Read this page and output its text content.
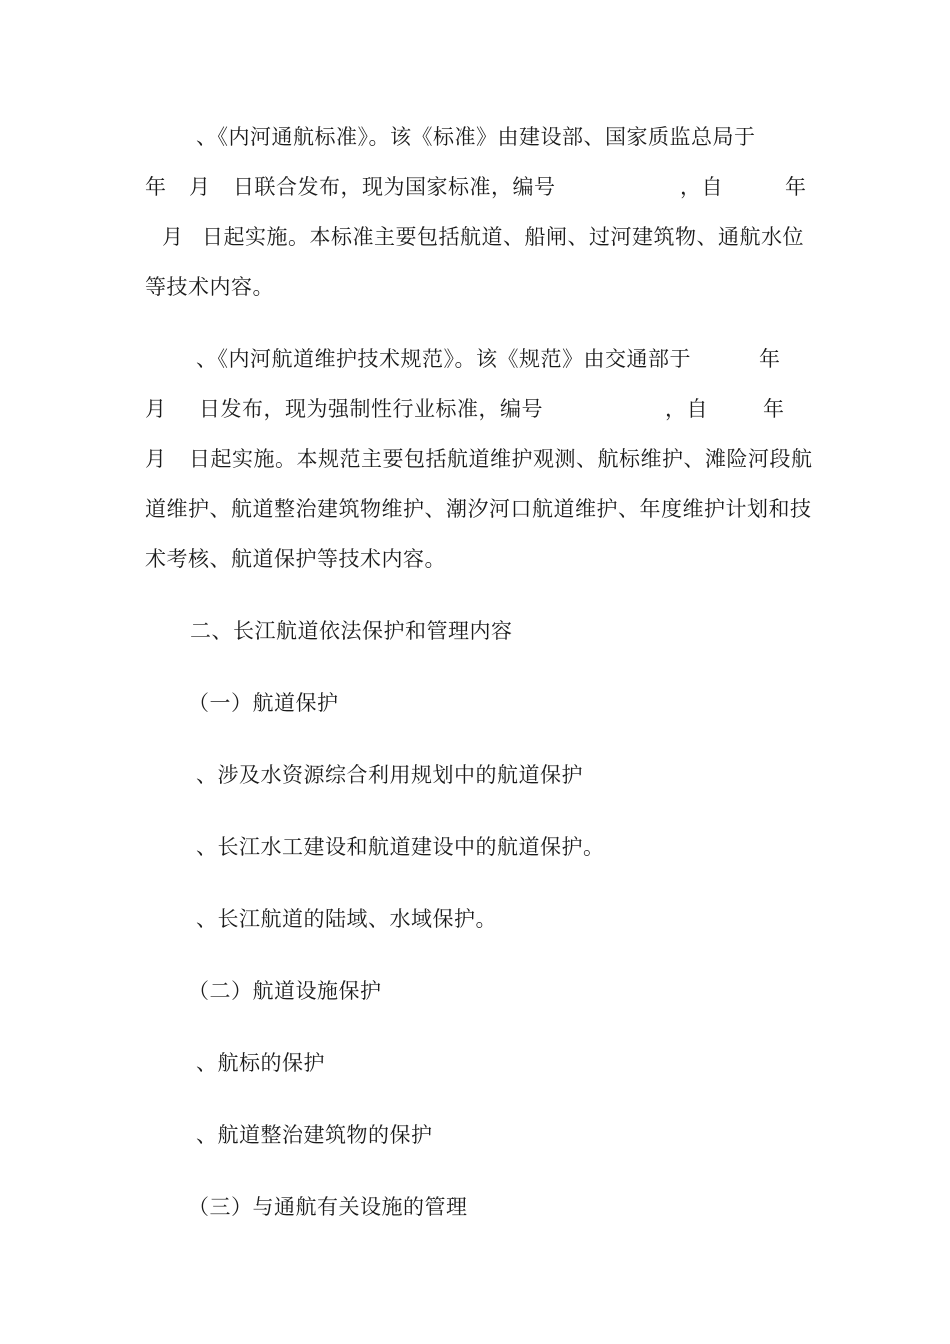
、《内河通航标准》。该《标准》由建设部、国家质监总局于

年

月

日联合发布，现为国家标准，编号

	，自

	年

月

日起实施。本标准主要包括航道、船闸、过河建筑物、通航水位

等技术内容。

、《内河航道维护技术规范》。该《规范》由交通部于

	年

月

日发布，现为强制性行业标准，编号

	，自

	年

月

日起实施。本规范主要包括航道维护观测、航标维护、滩险河段航

道维护、航道整治建筑物维护、潮汐河口航道维护、年度维护计划和技

术考核、航道保护等技术内容。

二、长江航道依法保护和管理内容

（一）航道保护

、涉及水资源综合利用规划中的航道保护

、长江水工建设和航道建设中的航道保护。

、长江航道的陆域、水域保护。

（二）航道设施保护

、航标的保护

、航道整治建筑物的保护

（三）与通航有关设施的管理
